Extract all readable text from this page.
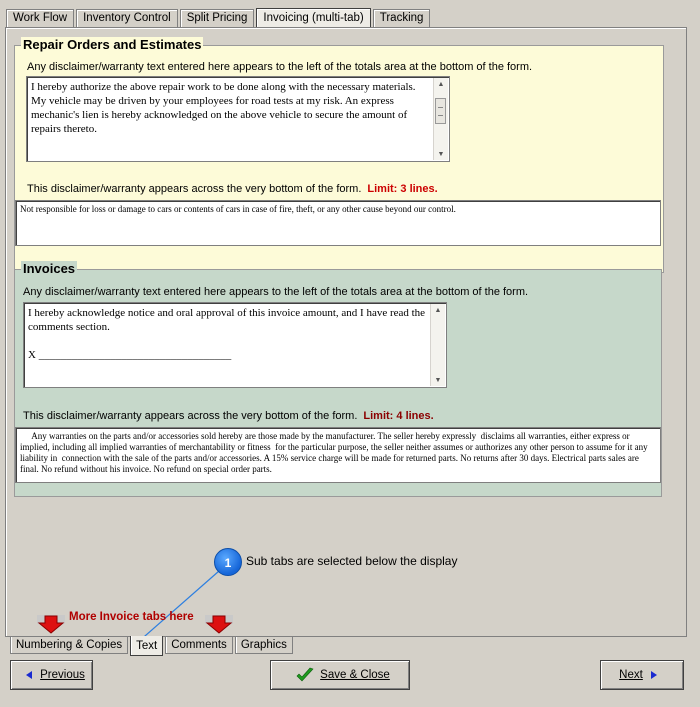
Work Flow	Inventory Control	Split Pricing	Invoicing (multi-tab)	Tracking
Repair Orders and Estimates
Any disclaimer/warranty text entered here appears to the left of the totals area at the bottom of the form.
I hereby authorize the above repair work to be done along with the necessary materials. My vehicle may be driven by your employees for road tests at my risk. An express mechanic's lien is hereby acknowledged on the above vehicle to secure the amount of repairs thereto.
▲
▼
This disclaimer/warranty appears across the very bottom of the form. Limit: 3 lines.
Not responsible for loss or damage to cars or contents of cars in case of fire, theft, or any other cause beyond our control.
Invoices
Any disclaimer/warranty text entered here appears to the left of the totals area at the bottom of the form.
I hereby acknowledge notice and oral approval of this invoice amount, and I have read the comments section.

X ___________________________________
▲
▼
This disclaimer/warranty appears across the very bottom of the form. Limit: 4 lines.
Any warranties on the parts and/or accessories sold hereby are those made by the manufacturer. The seller hereby expressly  disclaims all warranties, either express or implied, including all implied warranties of merchantability or fitness  for the particular purpose, the seller neither assumes or authorizes any other person to assume for it any liability in  connection with the sale of the parts and/or accessories. A 15% service charge will be made for returned parts. No returns after 30 days. Electrical parts sales are final. No refund without his invoice. No refund on special order parts.
1	Sub tabs are selected below the display
More Invoice tabs here
Numbering & Copies	Text	Comments	Graphics
Previous	Save & Close	Next
